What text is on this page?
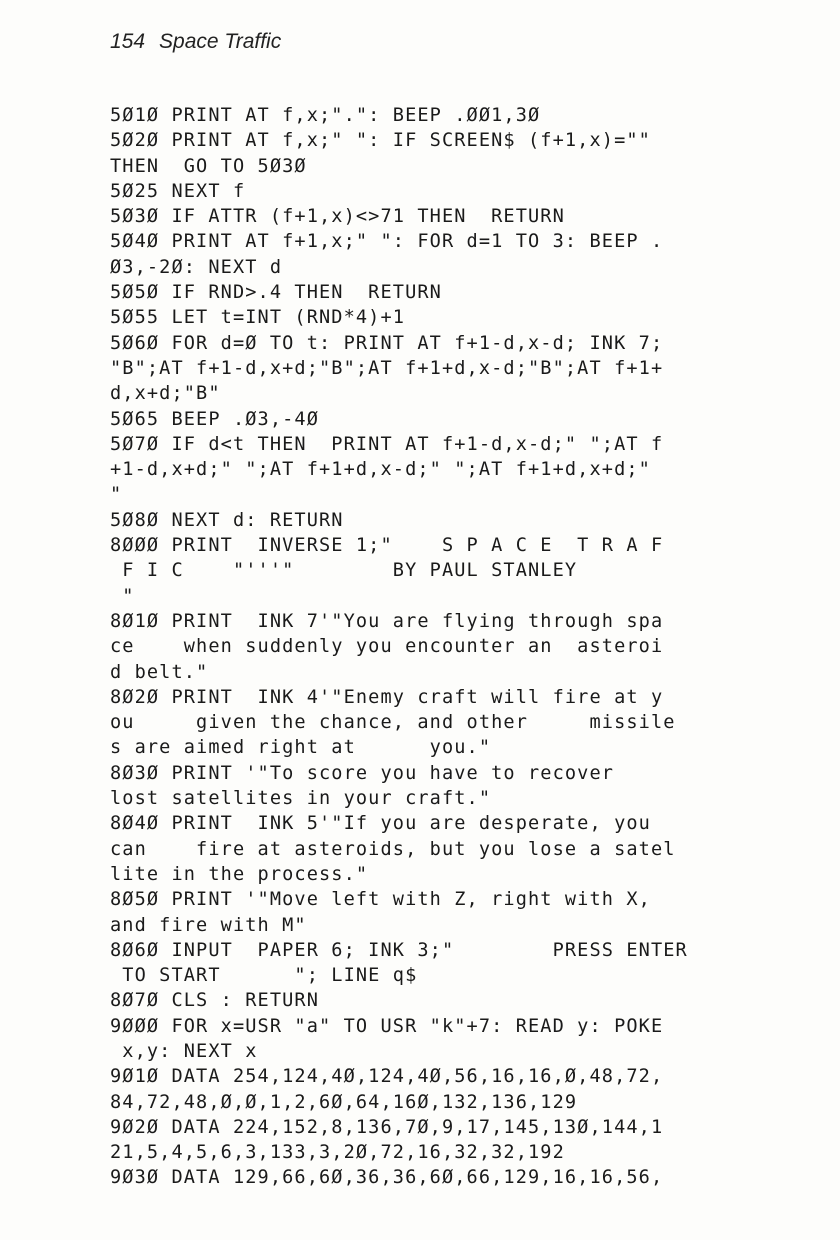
154 Space Traffic
5Ø1Ø PRINT AT f,x;".": BEEP .ØØ1,3Ø
5Ø2Ø PRINT AT f,x;" ": IF SCREEN$ (f+1,x)=""
THEN  GO TO 5Ø3Ø
5Ø25 NEXT f
5Ø3Ø IF ATTR (f+1,x)<>71 THEN  RETURN
5Ø4Ø PRINT AT f+1,x;" ": FOR d=1 TO 3: BEEP .
Ø3,-2Ø: NEXT d
5Ø5Ø IF RND>.4 THEN  RETURN
5Ø55 LET t=INT (RND*4)+1
5Ø6Ø FOR d=Ø TO t: PRINT AT f+1-d,x-d; INK 7;
"B";AT f+1-d,x+d;"B";AT f+1+d,x-d;"B";AT f+1+
d,x+d;"B"
5Ø65 BEEP .Ø3,-4Ø
5Ø7Ø IF d<t THEN  PRINT AT f+1-d,x-d;" ";AT f
+1-d,x+d;" ";AT f+1+d,x-d;" ";AT f+1+d,x+d;"
"
5Ø8Ø NEXT d: RETURN
8ØØØ PRINT  INVERSE 1;"    S P A C E  T R A F
F I C    "'''"        BY PAUL STANLEY
"
8Ø1Ø PRINT  INK 7'"You are flying through spa
ce    when suddenly you encounter an  asteroi
d belt."
8Ø2Ø PRINT  INK 4'"Enemy craft will fire at y
ou     given the chance, and other     missile
s are aimed right at      you."
8Ø3Ø PRINT '"To score you have to recover
lost satellites in your craft."
8Ø4Ø PRINT  INK 5'"If you are desperate, you
can    fire at asteroids, but you lose a satel
lite in the process."
8Ø5Ø PRINT '"Move left with Z, right with X,
and fire with M"
8Ø6Ø INPUT  PAPER 6; INK 3;"        PRESS ENTER
TO START      "; LINE q$
8Ø7Ø CLS : RETURN
9ØØØ FOR x=USR "a" TO USR "k"+7: READ y: POKE
x,y: NEXT x
9Ø1Ø DATA 254,124,4Ø,124,4Ø,56,16,16,Ø,48,72,
84,72,48,Ø,Ø,1,2,6Ø,64,16Ø,132,136,129
9Ø2Ø DATA 224,152,8,136,7Ø,9,17,145,13Ø,144,1
21,5,4,5,6,3,133,3,2Ø,72,16,32,32,192
9Ø3Ø DATA 129,66,6Ø,36,36,6Ø,66,129,16,16,56,
